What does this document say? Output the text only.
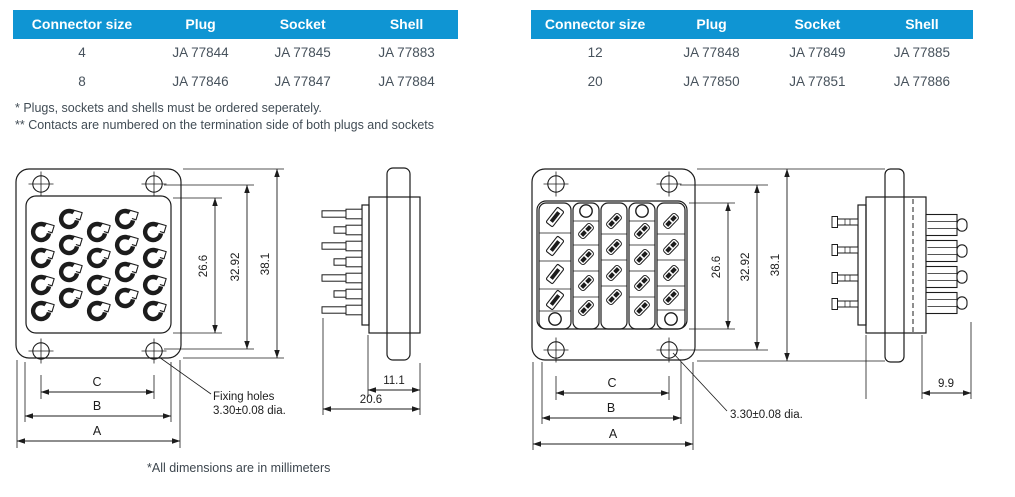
Connector size	Plug	Socket	Shell
4	JA 77844	JA 77845	JA 77883
8	JA 77846	JA 77847	JA 77884
Connector size	Plug	Socket	Shell
12	JA 77848	JA 77849	JA 77885
20	JA 77850	JA 77851	JA 77886
* Plugs, sockets and shells must be ordered seperately.
** Contacts are numbered on the termination side of both plugs and sockets
26.6 32.92 38.1
C
B
A
Fixing holes
3.30±0.08 dia.
11.1
20.6
26.6 32.92 38.1
C
B
A
3.30±0.08 dia.
9.9
*All dimensions are in millimeters
